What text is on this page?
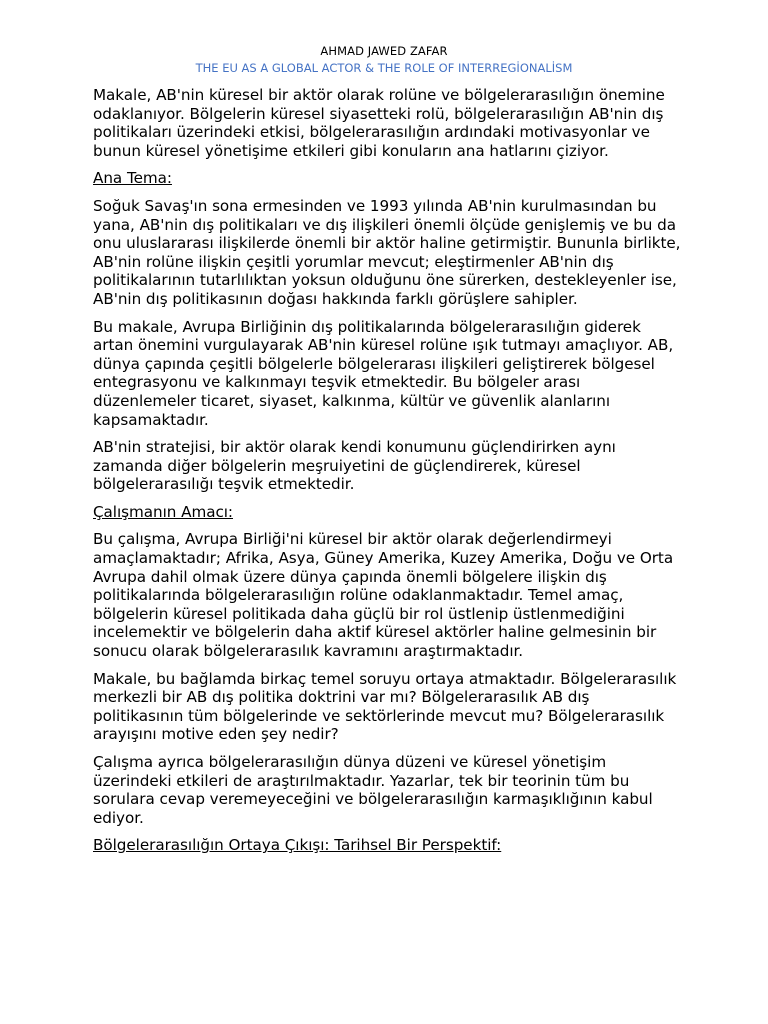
AHMAD JAWED ZAFAR
THE EU AS A GLOBAL ACTOR & THE ROLE OF INTERREGİONALİSM

Makale, AB'nin küresel bir aktör olarak rolüne ve bölgelerarasılığın önemine odaklanıyor. Bölgelerin küresel siyasetteki rolü, bölgelerarasılığın AB'nin dış politikaları üzerindeki etkisi, bölgelerarasılığın ardındaki motivasyonlar ve bunun küresel yönetişime etkileri gibi konuların ana hatlarını çiziyor.

Ana Tema:

Soğuk Savaş'ın sona ermesinden ve 1993 yılında AB'nin kurulmasından bu yana, AB'nin dış politikaları ve dış ilişkileri önemli ölçüde genişlemiş ve bu da onu uluslararası ilişkilerde önemli bir aktör haline getirmiştir. Bununla birlikte, AB'nin rolüne ilişkin çeşitli yorumlar mevcut; eleştirmenler AB'nin dış politikalarının tutarlılıktan yoksun olduğunu öne sürerken, destekleyenler ise, AB'nin dış politikasının doğası hakkında farklı görüşlere sahipler.

Bu makale, Avrupa Birliğinin dış politikalarında bölgelerarasılığın giderek artan önemini vurgulayarak AB'nin küresel rolüne ışık tutmayı amaçlıyor. AB, dünya çapında çeşitli bölgelerle bölgelerarası ilişkileri geliştirerek bölgesel entegrasyonu ve kalkınmayı teşvik etmektedir. Bu bölgeler arası düzenlemeler ticaret, siyaset, kalkınma, kültür ve güvenlik alanlarını kapsamaktadır.

AB'nin stratejisi, bir aktör olarak kendi konumunu güçlendirirken aynı zamanda diğer bölgelerin meşruiyetini de güçlendirerek, küresel bölgelerarasılığı teşvik etmektedir.

Çalışmanın Amacı:

Bu çalışma, Avrupa Birliği'ni küresel bir aktör olarak değerlendirmeyi amaçlamaktadır; Afrika, Asya, Güney Amerika, Kuzey Amerika, Doğu ve Orta Avrupa dahil olmak üzere dünya çapında önemli bölgelere ilişkin dış politikalarında bölgelerarasılığın rolüne odaklanmaktadır. Temel amaç, bölgelerin küresel politikada daha güçlü bir rol üstlenip üstlenmediğini incelemektir ve bölgelerin daha aktif küresel aktörler haline gelmesinin bir sonucu olarak bölgelerarasılık kavramını araştırmaktadır.

Makale, bu bağlamda birkaç temel soruyu ortaya atmaktadır. Bölgelerarasılık merkezli bir AB dış politika doktrini var mı? Bölgelerarasılık AB dış politikasının tüm bölgelerinde ve sektörlerinde mevcut mu? Bölgelerarasılık arayışını motive eden şey nedir?

Çalışma ayrıca bölgelerarasılığın dünya düzeni ve küresel yönetişim üzerindeki etkileri de araştırılmaktadır. Yazarlar, tek bir teorinin tüm bu sorulara cevap veremeyeceğini ve bölgelerarasılığın karmaşıklığının kabul ediyor.

Bölgelerarasılığın Ortaya Çıkışı: Tarihsel Bir Perspektif:
